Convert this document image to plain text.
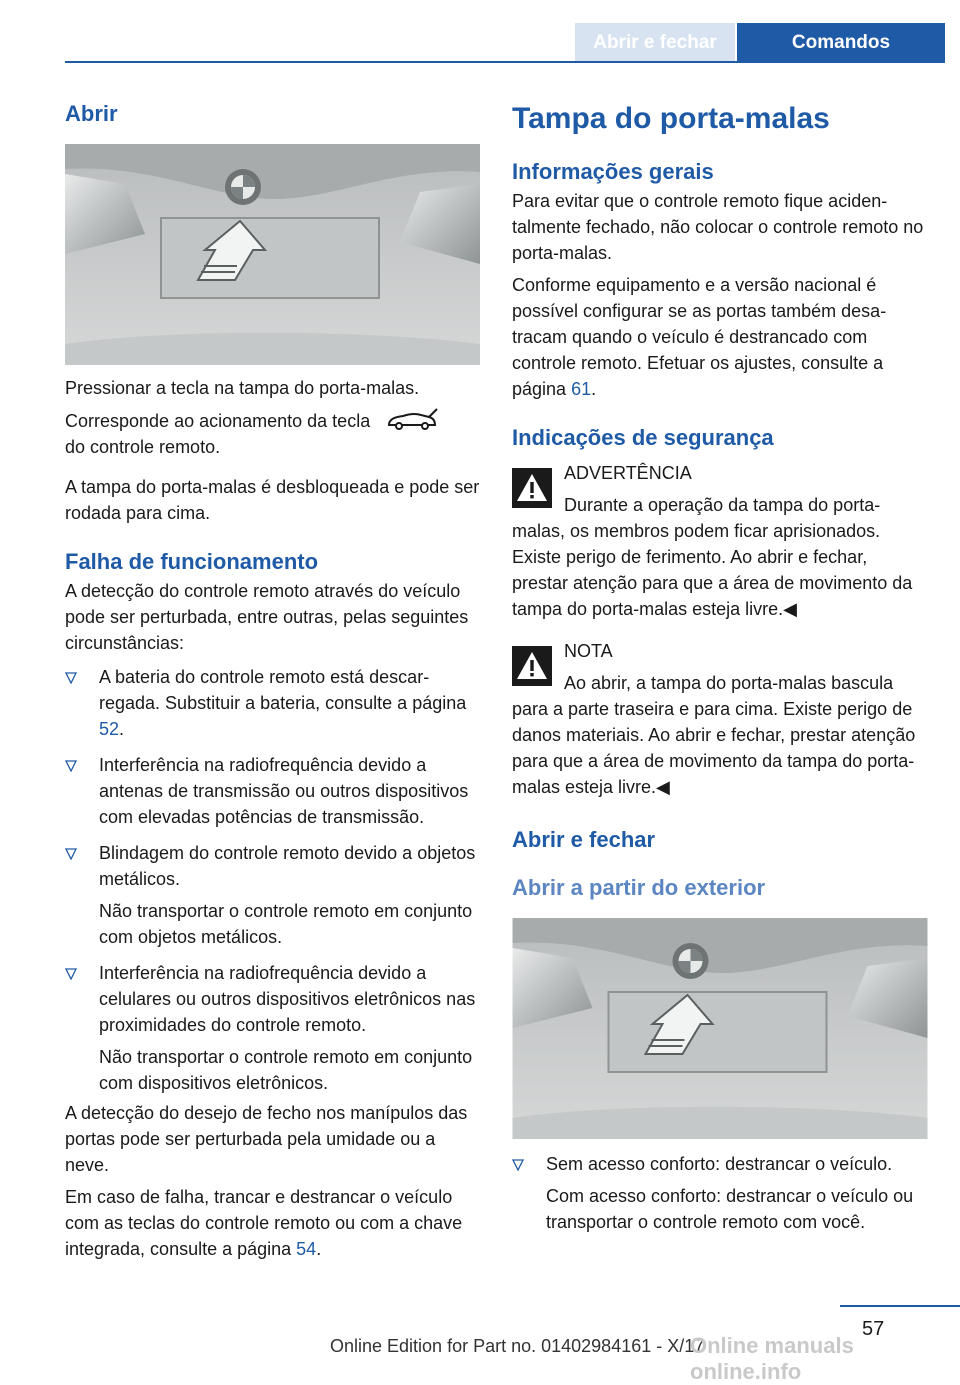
Abrir e fechar	Comandos
Abrir

Pressionar a tecla na tampa do porta-malas.

Corresponde ao acionamento da tecla
do controle remoto.

A tampa do porta-malas é desbloqueada e pode ser rodada para cima.

Falha de funcionamento

A detecção do controle remoto através do veículo pode ser perturbada, entre outras, pelas seguintes circunstâncias:

A bateria do controle remoto está descarregada. Substituir a bateria, consulte a página 52.

Interferência na radiofrequência devido a antenas de transmissão ou outros dispositivos com elevadas potências de transmissão.

Blindagem do controle remoto devido a objetos metálicos.

Não transportar o controle remoto em conjunto com objetos metálicos.

Interferência na radiofrequência devido a celulares ou outros dispositivos eletrônicos nas proximidades do controle remoto.

Não transportar o controle remoto em conjunto com dispositivos eletrônicos.

A detecção do desejo de fecho nos manípulos das portas pode ser perturbada pela umidade ou a neve.

Em caso de falha, trancar e destrancar o veículo com as teclas do controle remoto ou com a chave integrada, consulte a página 54.

Tampa do porta-malas
Informações gerais

Para evitar que o controle remoto fique acidentalmente fechado, não colocar o controle remoto no porta-malas.

Conforme equipamento e a versão nacional é possível configurar se as portas também desatracam quando o veículo é destrancado com controle remoto. Efetuar os ajustes, consulte a página 61.

Indicações de segurança

ADVERTÊNCIA

Durante a operação da tampa do porta-malas, os membros podem ficar aprisionados. Existe perigo de ferimento. Ao abrir e fechar, prestar atenção para que a área de movimento da tampa do porta-malas esteja livre.◀

NOTA

Ao abrir, a tampa do porta-malas bascula para a parte traseira e para cima. Existe perigo de danos materiais. Ao abrir e fechar, prestar atenção para que a área de movimento da tampa do porta-malas esteja livre.◀

Abrir e fechar
Abrir a partir do exterior

Sem acesso conforto: destrancar o veículo.

Com acesso conforto: destrancar o veículo ou transportar o controle remoto com você.

57
Online Edition for Part no. 01402984161 - X/17
Online manuals online.info
